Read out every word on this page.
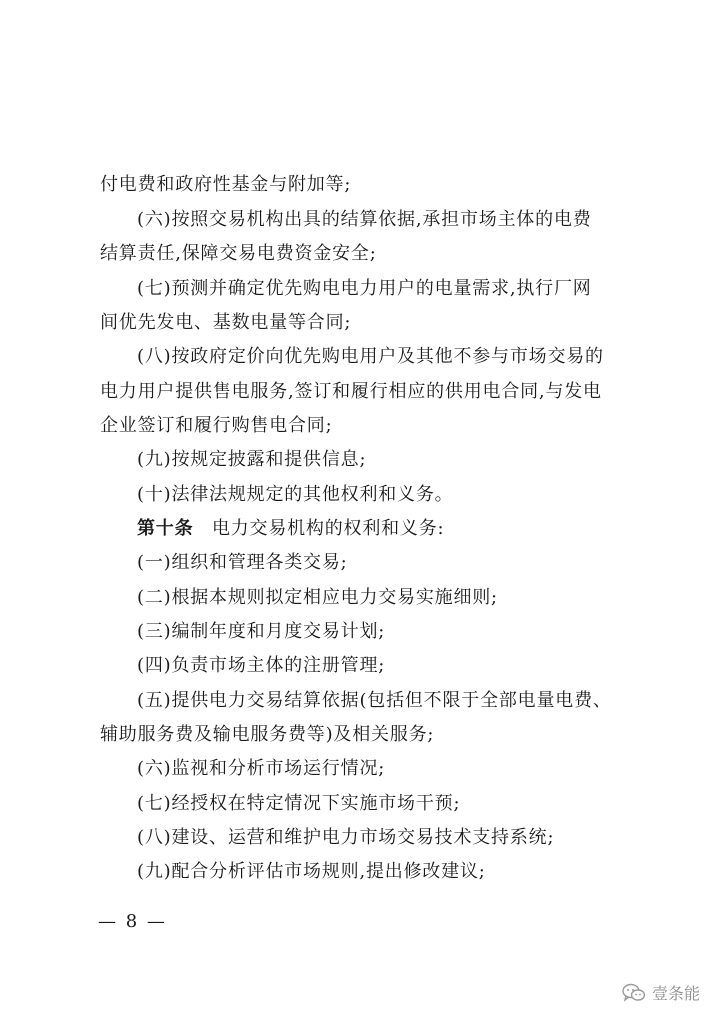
付电费和政府性基金与附加等;
(六)按照交易机构出具的结算依据,承担市场主体的电费
结算责任,保障交易电费资金安全;
(七)预测并确定优先购电电力用户的电量需求,执行厂网
间优先发电、基数电量等合同;
(八)按政府定价向优先购电用户及其他不参与市场交易的
电力用户提供售电服务,签订和履行相应的供用电合同,与发电
企业签订和履行购售电合同;
(九)按规定披露和提供信息;
(十)法律法规规定的其他权利和义务。
第十条 电力交易机构的权利和义务:
(一)组织和管理各类交易;
(二)根据本规则拟定相应电力交易实施细则;
(三)编制年度和月度交易计划;
(四)负责市场主体的注册管理;
(五)提供电力交易结算依据(包括但不限于全部电量电费、
辅助服务费及输电服务费等)及相关服务;
(六)监视和分析市场运行情况;
(七)经授权在特定情况下实施市场干预;
(八)建设、运营和维护电力市场交易技术支持系统;
(九)配合分析评估市场规则,提出修改建议;
— 8 —
壹条能
